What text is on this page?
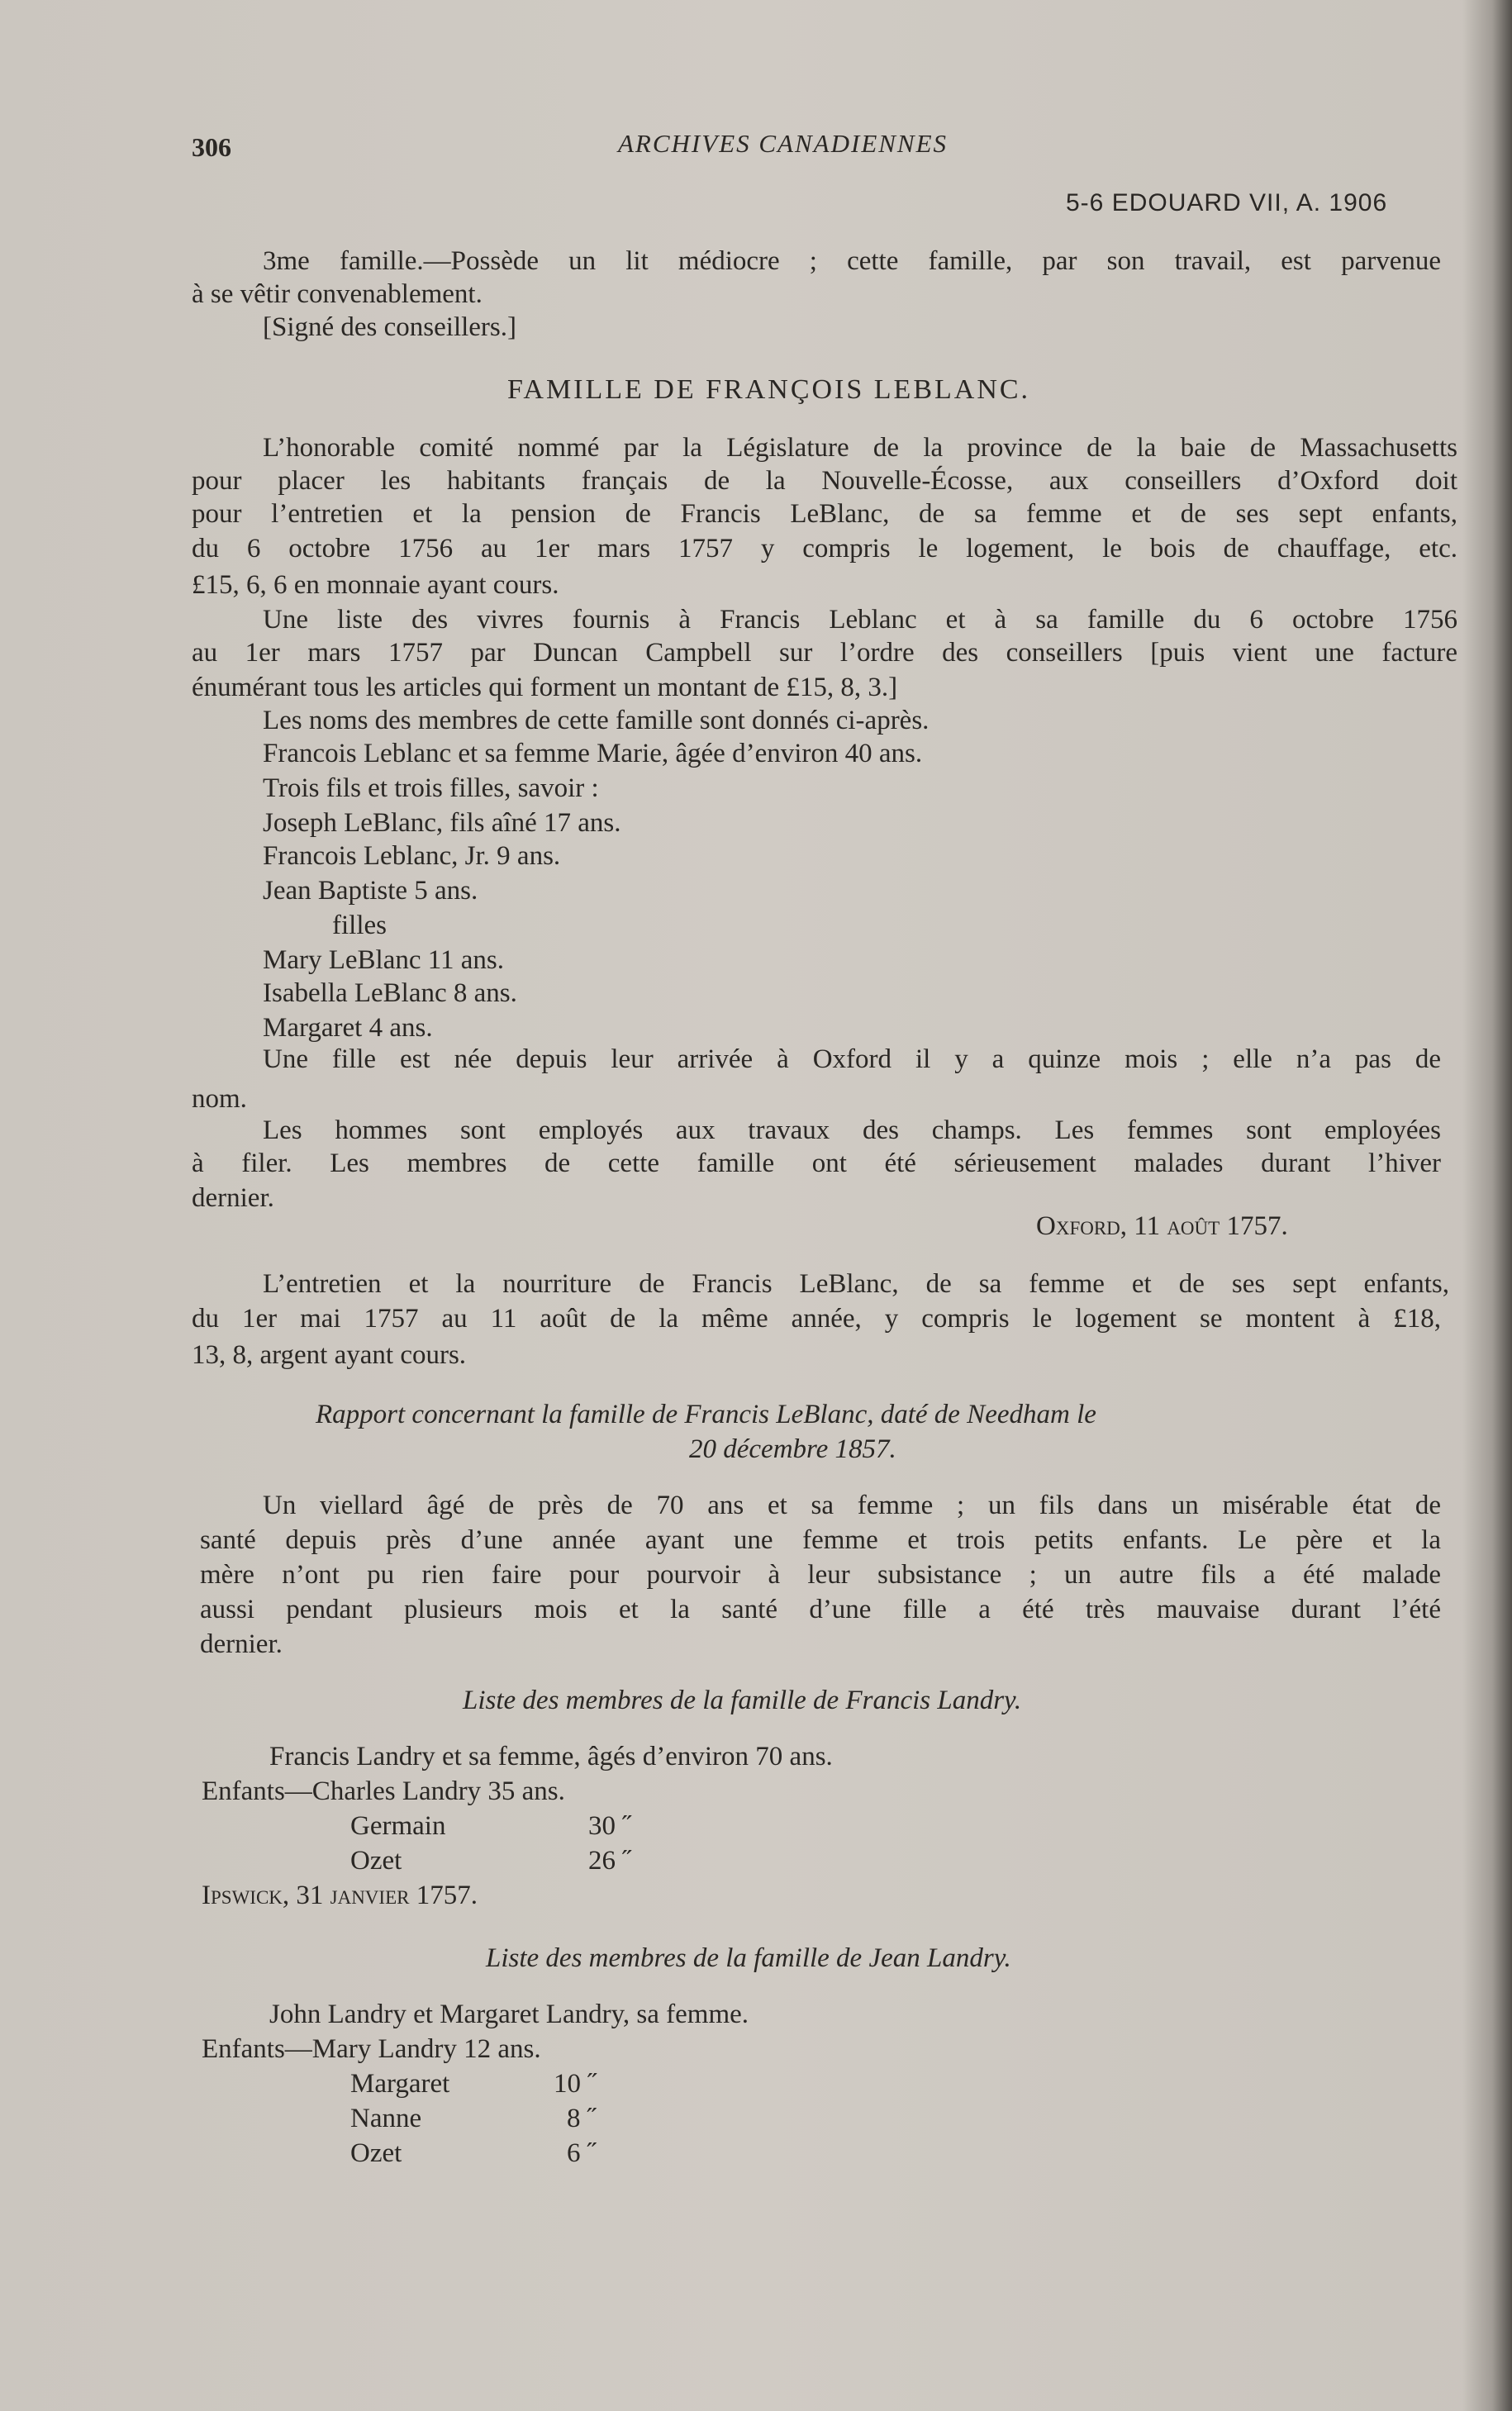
306	ARCHIVES CANADIENNES
5-6 EDOUARD VII, A. 1906
3me famille.—Possède un lit médiocre ; cette famille, par son travail, est parvenue
à se vêtir convenablement.
[Signé des conseillers.]
FAMILLE DE FRANÇOIS LEBLANC.
L’honorable comité nommé par la Législature de la province de la baie de Massachusetts
pour placer les habitants français de la Nouvelle-Écosse, aux conseillers d’Oxford doit
pour l’entretien et la pension de Francis LeBlanc, de sa femme et de ses sept enfants,
du 6 octobre 1756 au 1er mars 1757 y compris le logement, le bois de chauffage, etc.
£15, 6, 6 en monnaie ayant cours.
Une liste des vivres fournis à Francis Leblanc et à sa famille du 6 octobre 1756
au 1er mars 1757 par Duncan Campbell sur l’ordre des conseillers [puis vient une facture
énumérant tous les articles qui forment un montant de £15, 8, 3.]
Les noms des membres de cette famille sont donnés ci-après.
Francois Leblanc et sa femme Marie, âgée d’environ 40 ans.
Trois fils et trois filles, savoir :
Joseph LeBlanc, fils aîné 17 ans.
Francois Leblanc, Jr. 9 ans.
Jean Baptiste 5 ans.
filles
Mary LeBlanc 11 ans.
Isabella LeBlanc 8 ans.
Margaret 4 ans.
Une fille est née depuis leur arrivée à Oxford il y a quinze mois ; elle n’a pas de
nom.
Les hommes sont employés aux travaux des champs. Les femmes sont employées
à filer. Les membres de cette famille ont été sérieusement malades durant l’hiver
dernier.
Oxford, 11 août 1757.
L’entretien et la nourriture de Francis LeBlanc, de sa femme et de ses sept enfants,
du 1er mai 1757 au 11 août de la même année, y compris le logement se montent à £18,
13, 8, argent ayant cours.
Rapport concernant la famille de Francis LeBlanc, daté de Needham le
20 décembre 1857.
Un viellard âgé de près de 70 ans et sa femme ; un fils dans un misérable état de
santé depuis près d’une année ayant une femme et trois petits enfants. Le père et la
mère n’ont pu rien faire pour pourvoir à leur subsistance ; un autre fils a été malade
aussi pendant plusieurs mois et la santé d’une fille a été très mauvaise durant l’été
dernier.
Liste des membres de la famille de Francis Landry.
Francis Landry et sa femme, âgés d’environ 70 ans.
Enfants—Charles Landry 35 ans.
Germain	30 ˝
Ozet	26 ˝
Ipswick, 31 janvier 1757.
Liste des membres de la famille de Jean Landry.
John Landry et Margaret Landry, sa femme.
Enfants—Mary Landry 12 ans.
Margaret	10 ˝
Nanne	8 ˝
Ozet	6 ˝
